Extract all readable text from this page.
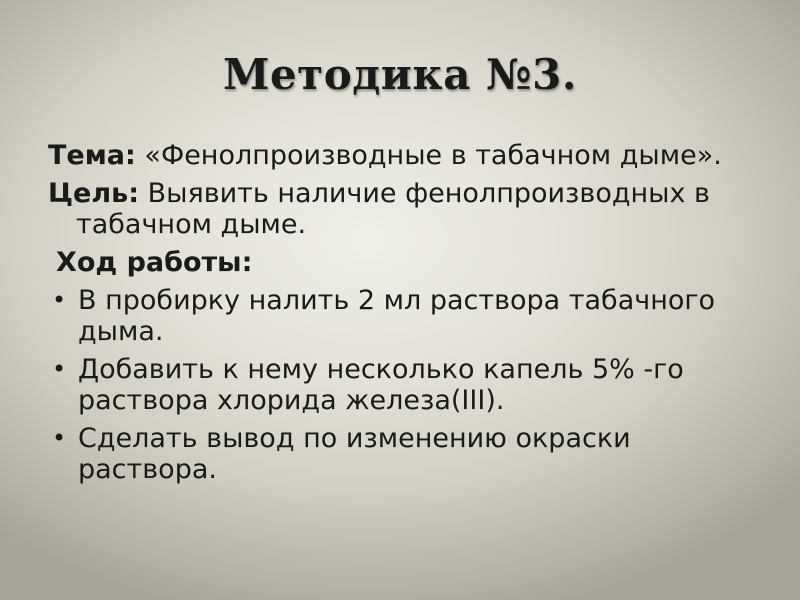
Методика №3.

Тема: «Фенолпроизводные в табачном дыме».

Цель: Выявить наличие фенолпроизводных в табачном дыме.

Ход работы:

• В пробирку налить 2 мл раствора табачного дыма.
• Добавить к нему несколько капель 5% -го раствора хлорида железа(III).
• Сделать вывод по изменению окраски раствора.
